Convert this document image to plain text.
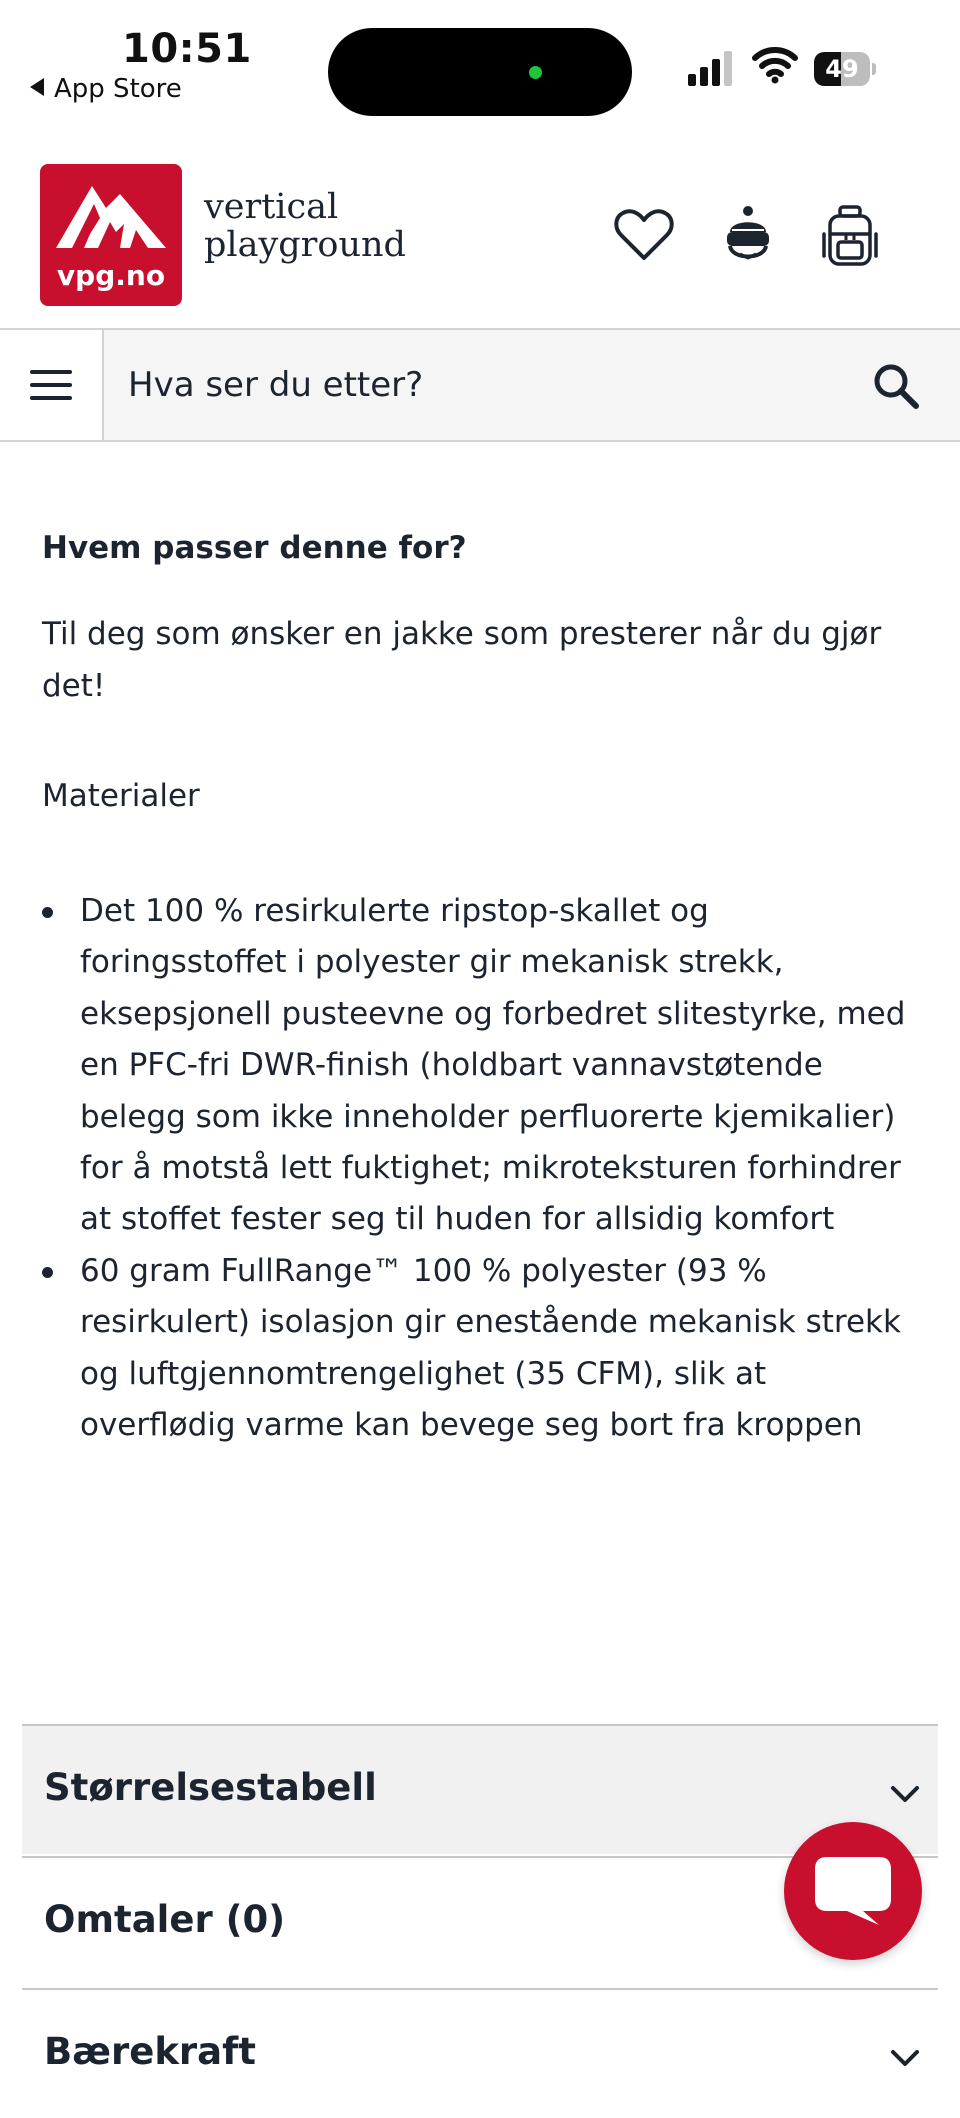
10:51
App Store
49
vpg.no
vertical
playground
Hva ser du etter?
Hvem passer denne for?

Til deg som ønsker en jakke som presterer når du gjør det!

Materialer

Det 100 % resirkulerte ripstop-skallet og foringsstoffet i polyester gir mekanisk strekk, eksepsjonell pusteevne og forbedret slitestyrke, med en PFC-fri DWR-finish (holdbart vannavstøtende belegg som ikke inneholder perfluorerte kjemikalier) for å motstå lett fuktighet; mikroteksturen forhindrer at stoffet fester seg til huden for allsidig komfort
60 gram FullRange™ 100 % polyester (93 % resirkulert) isolasjon gir enestående mekanisk strekk og luftgjennomtrengelighet (35 CFM), slik at overflødig varme kan bevege seg bort fra kroppen
Størrelsestabell
Omtaler (0)
Bærekraft
